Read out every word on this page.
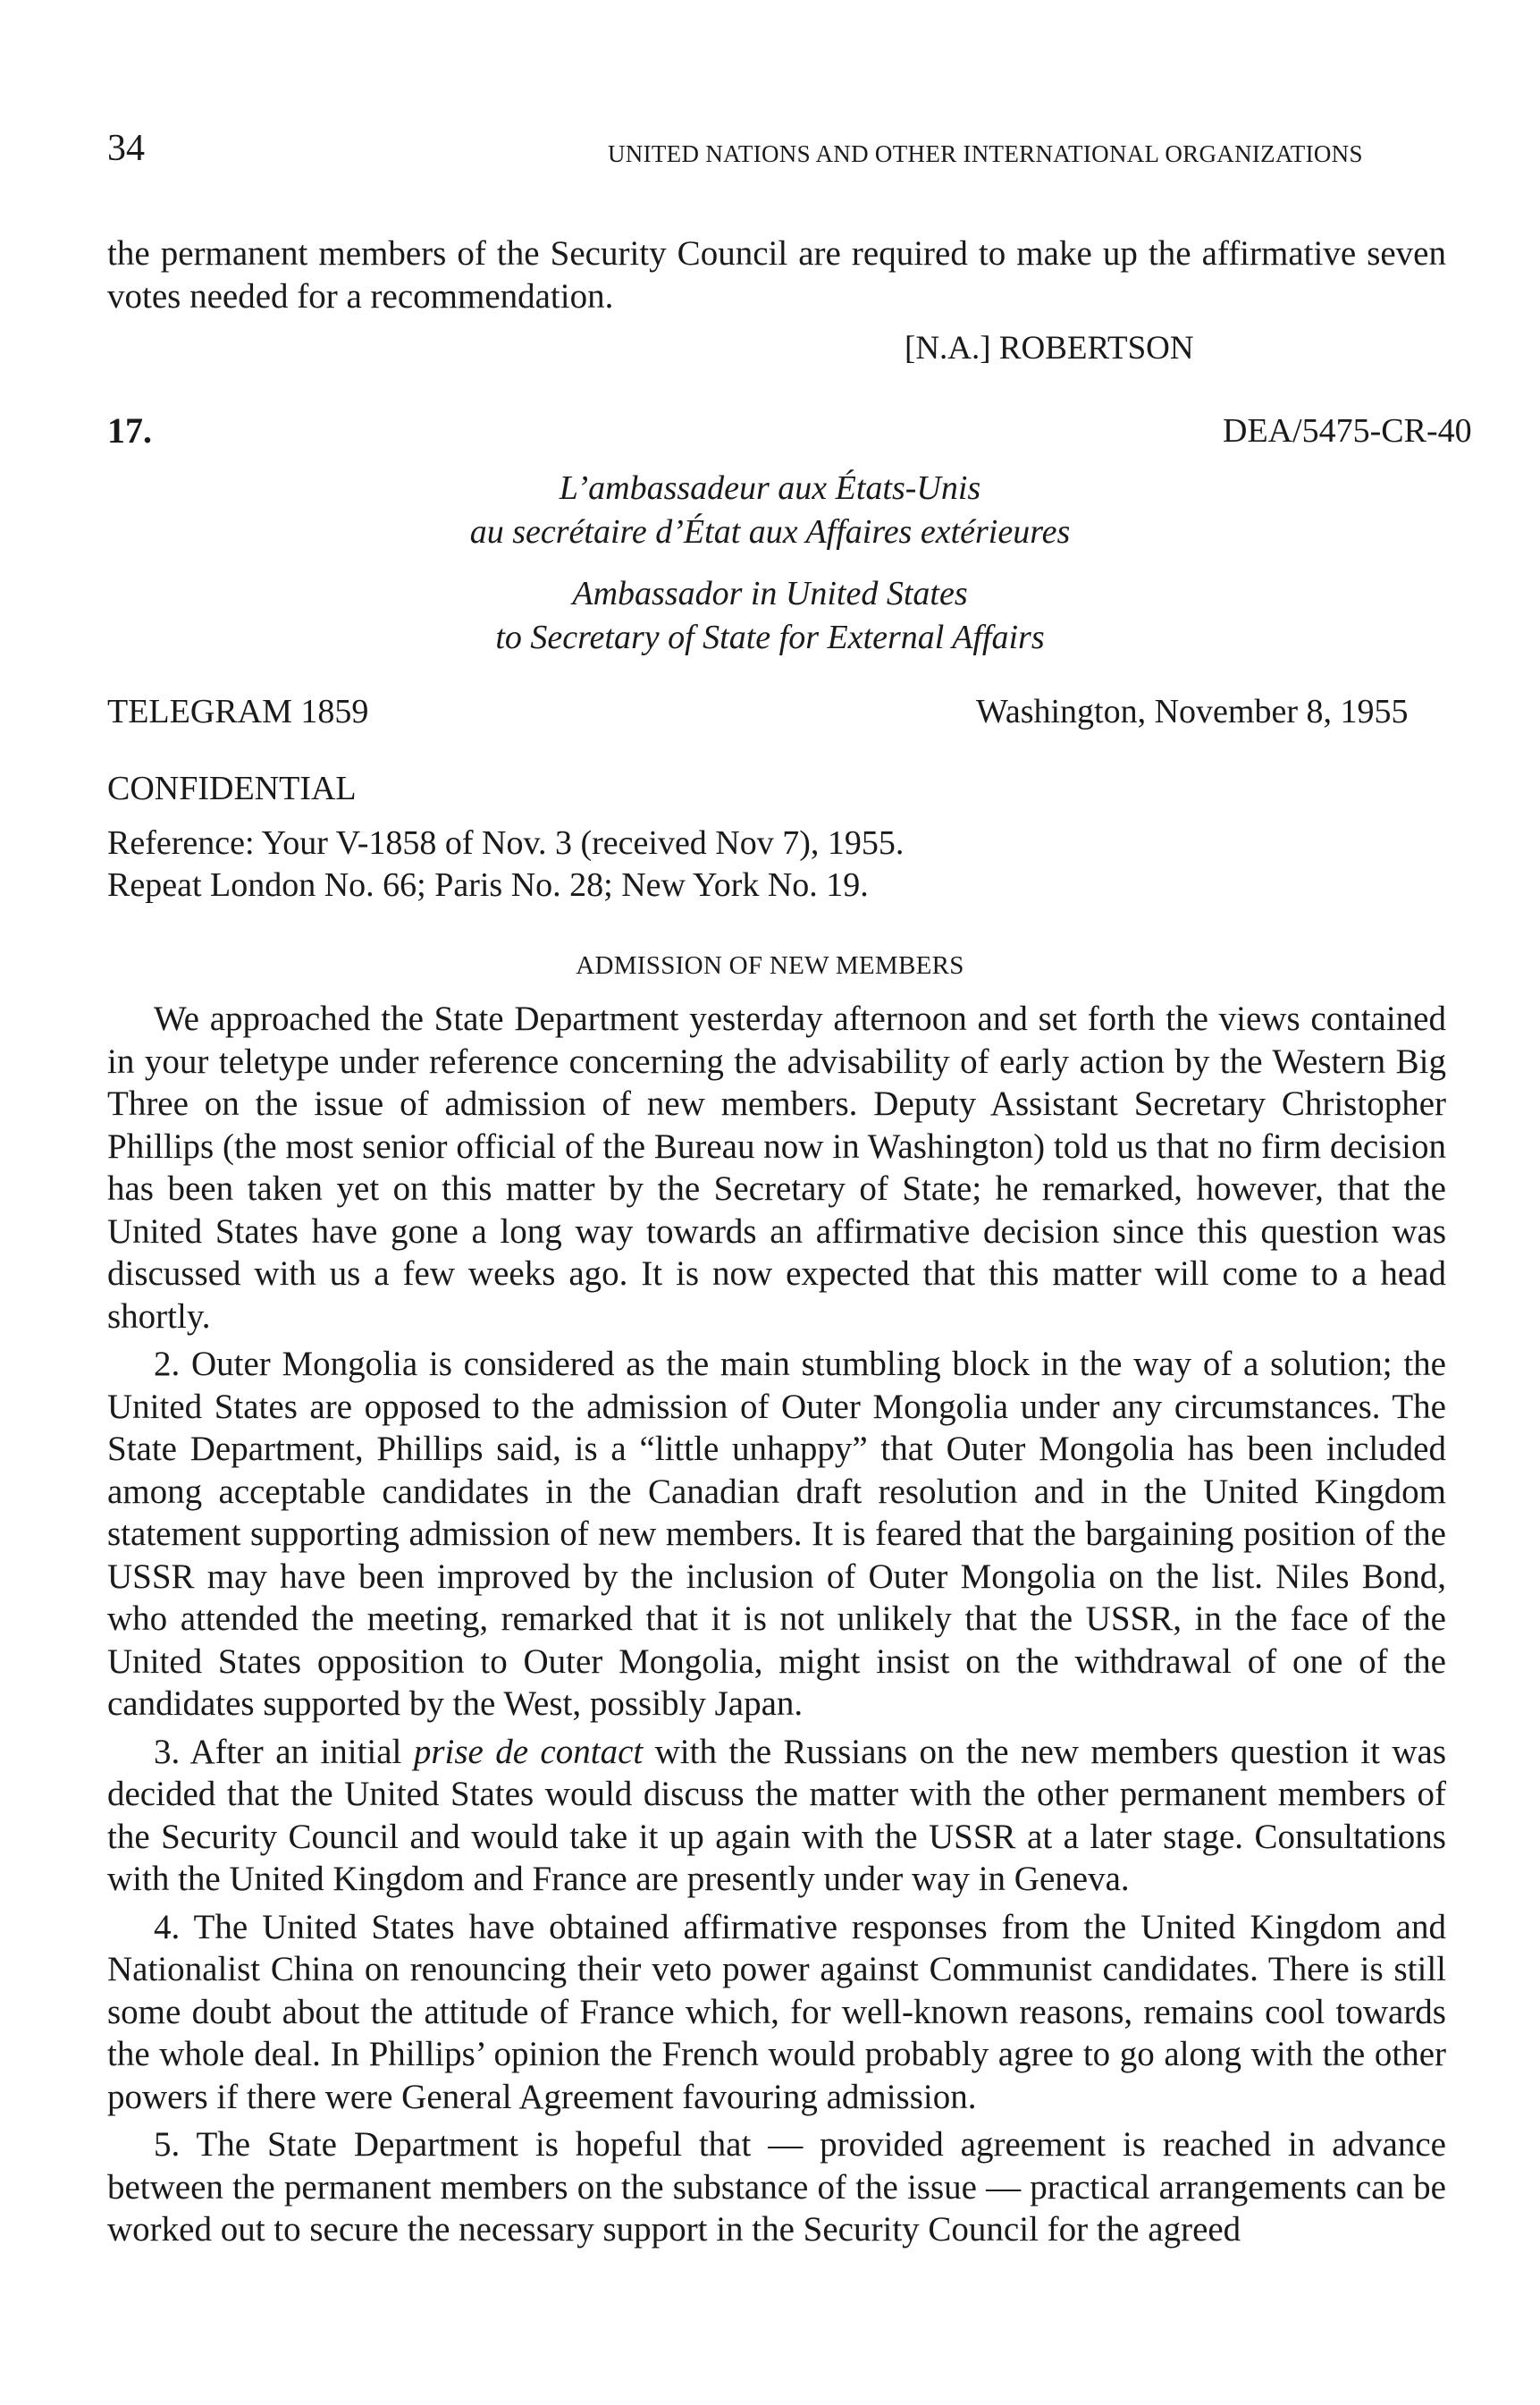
34	UNITED NATIONS AND OTHER INTERNATIONAL ORGANIZATIONS

the permanent members of the Security Council are required to make up the affirmative seven votes needed for a recommendation.

[N.A.] ROBERTSON
17.	DEA/5475-CR-40
L’ambassadeur aux États-Unis
au secrétaire d’État aux Affaires extérieures
Ambassador in United States
to Secretary of State for External Affairs
TELEGRAM 1859	Washington, November 8, 1955
CONFIDENTIAL
Reference: Your V-1858 of Nov. 3 (received Nov 7), 1955.
Repeat London No. 66; Paris No. 28; New York No. 19.
ADMISSION OF NEW MEMBERS

We approached the State Department yesterday afternoon and set forth the views contained in your teletype under reference concerning the advisability of early action by the Western Big Three on the issue of admission of new members. Deputy Assistant Secretary Christopher Phillips (the most senior official of the Bureau now in Washington) told us that no firm decision has been taken yet on this matter by the Secretary of State; he remarked, however, that the United States have gone a long way towards an affirmative decision since this question was discussed with us a few weeks ago. It is now expected that this matter will come to a head shortly.

2. Outer Mongolia is considered as the main stumbling block in the way of a solution; the United States are opposed to the admission of Outer Mongolia under any circumstances. The State Department, Phillips said, is a “little unhappy” that Outer Mongolia has been included among acceptable candidates in the Canadian draft resolution and in the United Kingdom statement supporting admission of new members. It is feared that the bargaining position of the USSR may have been improved by the inclusion of Outer Mongolia on the list. Niles Bond, who attended the meeting, remarked that it is not unlikely that the USSR, in the face of the United States opposition to Outer Mongolia, might insist on the withdrawal of one of the candidates supported by the West, possibly Japan.

3. After an initial prise de contact with the Russians on the new members question it was decided that the United States would discuss the matter with the other permanent members of the Security Council and would take it up again with the USSR at a later stage. Consultations with the United Kingdom and France are presently under way in Geneva.

4. The United States have obtained affirmative responses from the United Kingdom and Nationalist China on renouncing their veto power against Communist candidates. There is still some doubt about the attitude of France which, for well-known reasons, remains cool towards the whole deal. In Phillips’ opinion the French would probably agree to go along with the other powers if there were General Agreement favouring admission.

5. The State Department is hopeful that — provided agreement is reached in advance between the permanent members on the substance of the issue — practical arrangements can be worked out to secure the necessary support in the Security Council for the agreed
